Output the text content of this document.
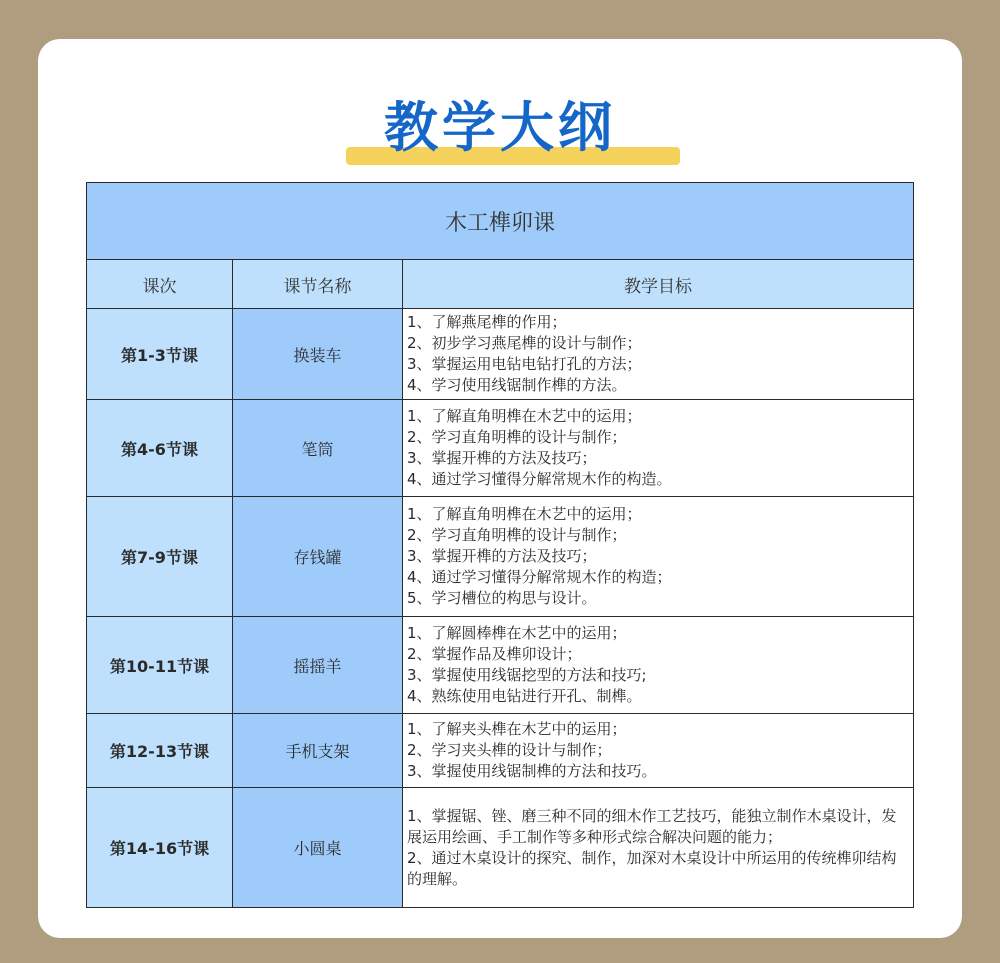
教学大纲
木工榫卯课		
课次	课节名称	教学目标
第1-3节课	换装车	1、了解燕尾榫的作用；
2、初步学习燕尾榫的设计与制作；
3、掌握运用电钻电钻打孔的方法；
4、学习使用线锯制作榫的方法。

第4-6节课	笔筒	1、了解直角明榫在木艺中的运用；
2、学习直角明榫的设计与制作；
3、掌握开榫的方法及技巧；
4、通过学习懂得分解常规木作的构造。

第7-9节课	存钱罐	1、了解直角明榫在木艺中的运用；
2、学习直角明榫的设计与制作；
3、掌握开榫的方法及技巧；
4、通过学习懂得分解常规木作的构造；
5、学习槽位的构思与设计。

第10-11节课	摇摇羊	1、了解圆棒榫在木艺中的运用；
2、掌握作品及榫卯设计；
3、掌握使用线锯挖型的方法和技巧;
4、熟练使用电钻进行开孔、制榫。

第12-13节课	手机支架	1、了解夹头榫在木艺中的运用；
2、学习夹头榫的设计与制作；
3、掌握使用线锯制榫的方法和技巧。

第14-16节课	小圆桌	1、掌握锯、锉、磨三种不同的细木作工艺技巧，能独立制作木桌设计，发展运用绘画、手工制作等多种形式综合解决问题的能力；
2、通过木桌设计的探究、制作，加深对木桌设计中所运用的传统榫卯结构的理解。
